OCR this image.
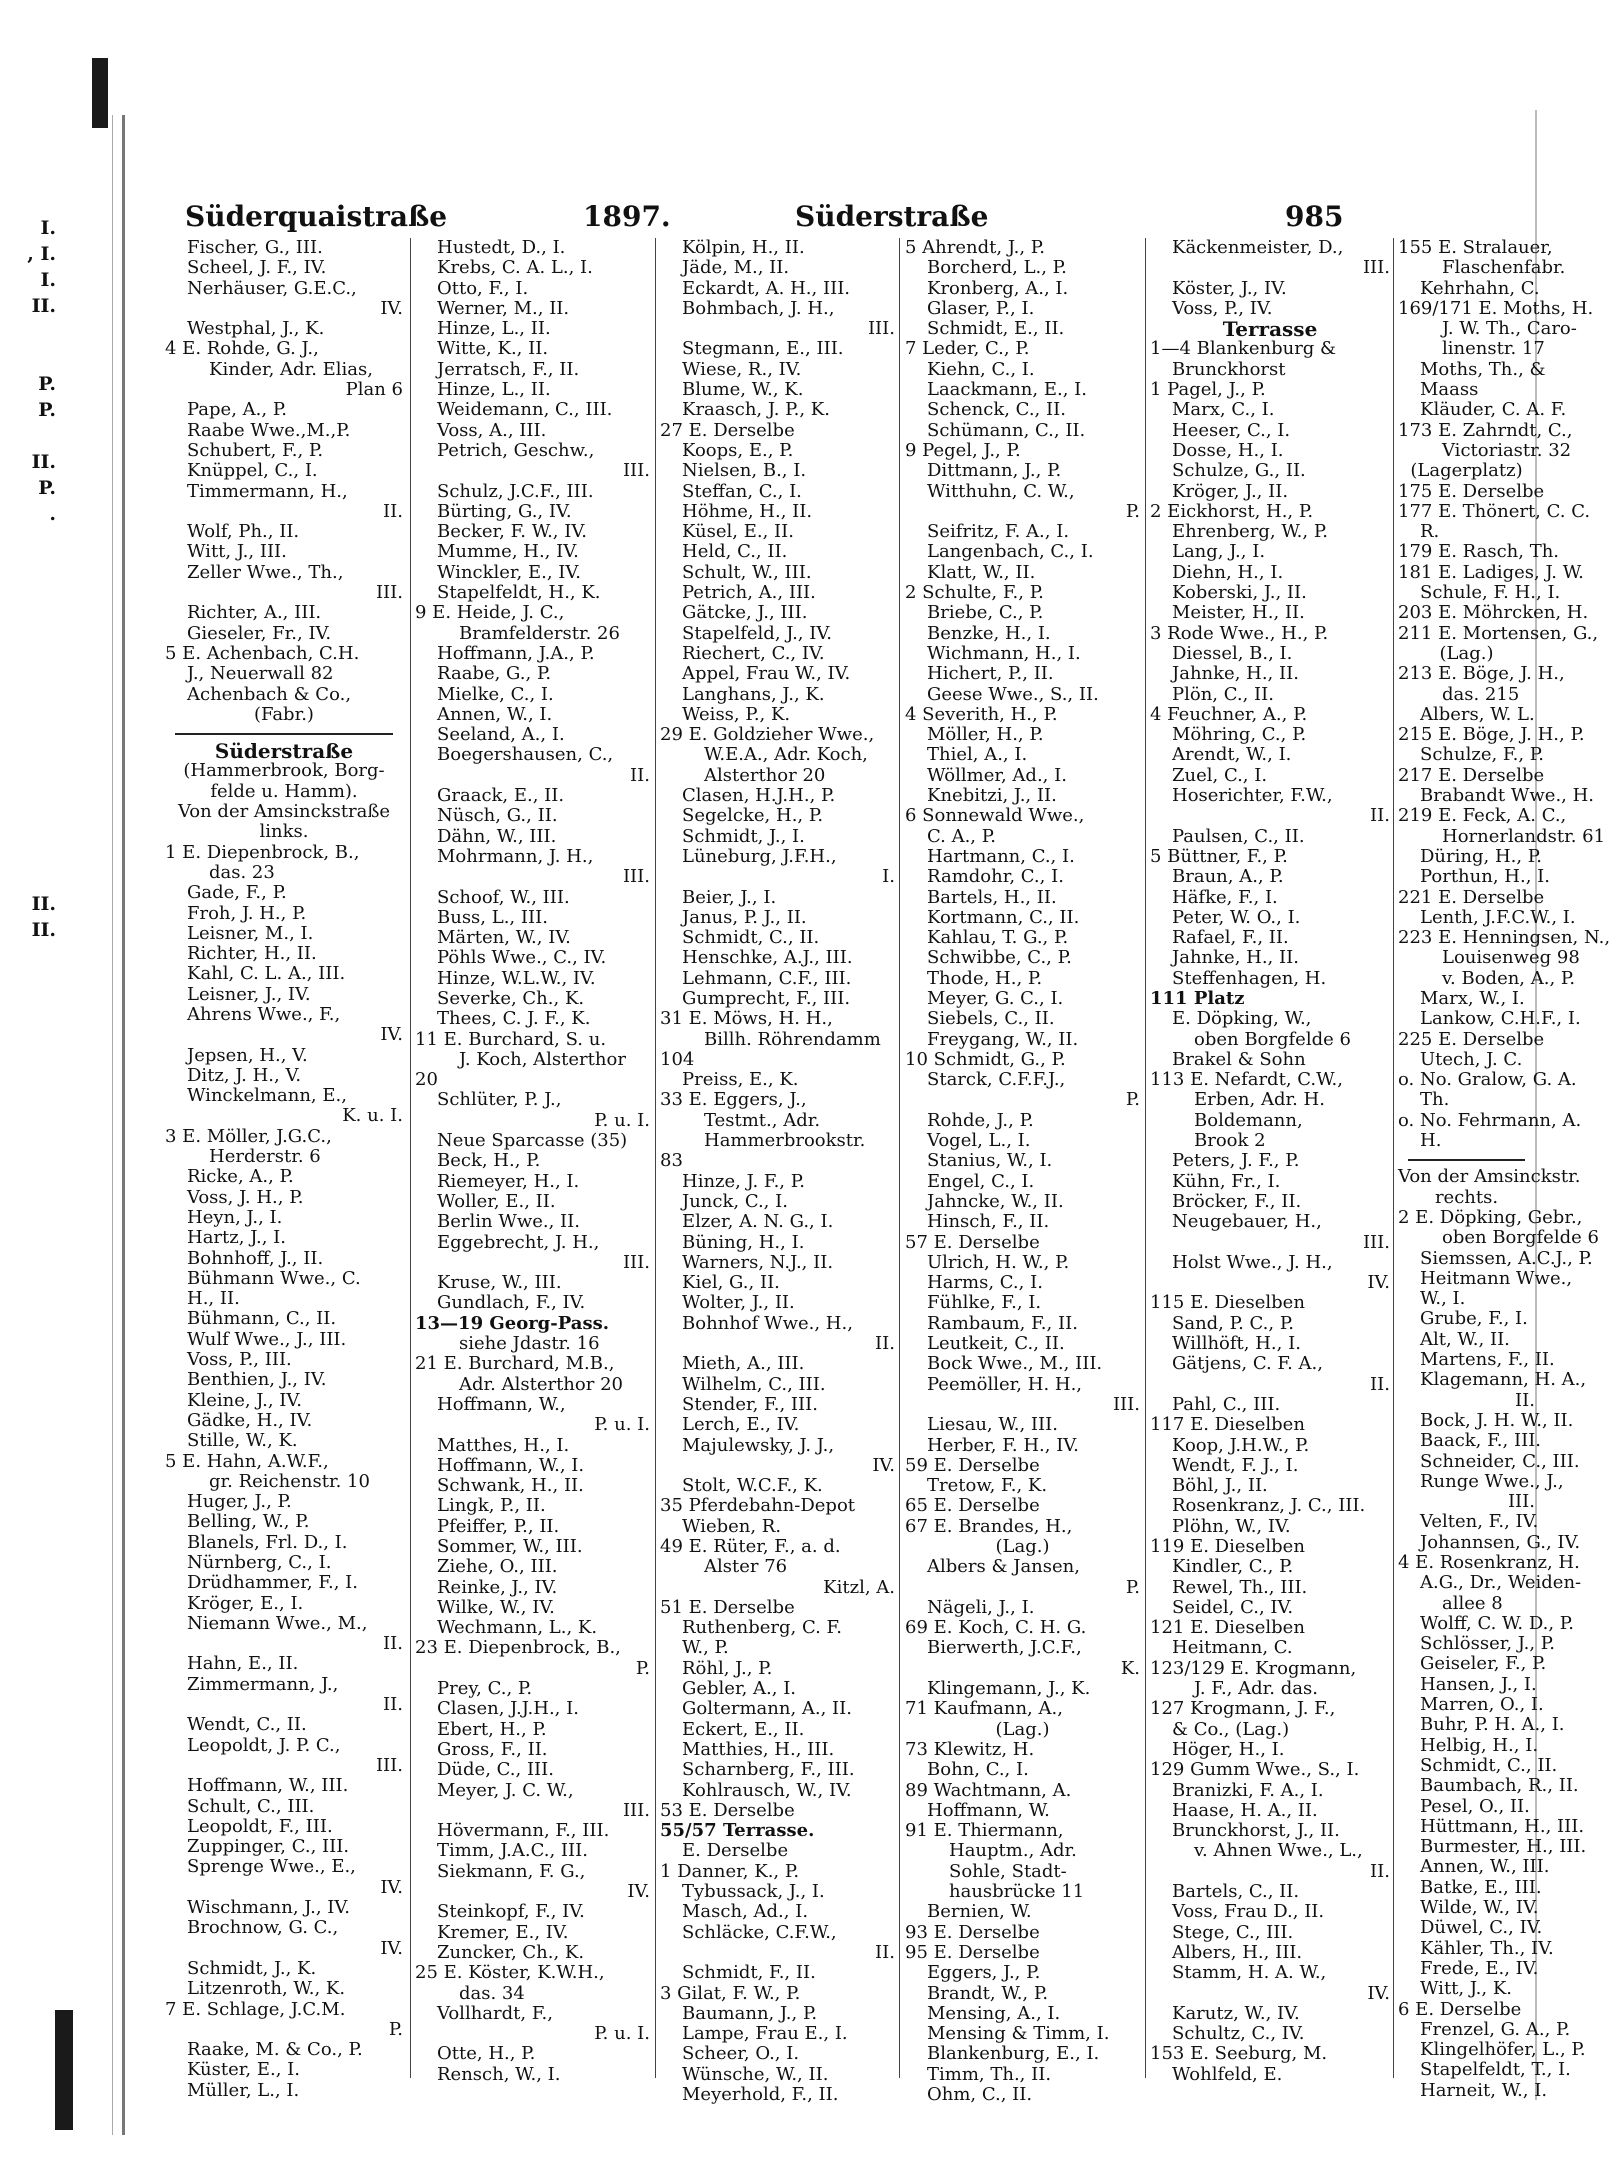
I.
, I.
I.
II.

P.
P.

II.
P.
.

II.
II.
Süderquaistraße	1897.	Süderstraße	985
Fischer, G., III.
Scheel, J. F., IV.
Nerhäuser, G.E.C.,
IV.
Westphal, J., K.
4 E. Rohde, G. J.,
Kinder, Adr. Elias,
Plan 6
Pape, A., P.
Raabe Wwe.,M.,P.
Schubert, F., P.
Knüppel, C., I.
Timmermann, H.,
II.
Wolf, Ph., II.
Witt, J., III.
Zeller Wwe., Th.,
III.
Richter, A., III.
Gieseler, Fr., IV.
5 E. Achenbach, C.H.
J., Neuerwall 82
Achenbach & Co.,
(Fabr.)
Süderstraße
(Hammerbrook, Borg-
felde u. Hamm).
Von der Amsinckstraße
links.
1 E. Diepenbrock, B.,
das. 23
Gade, F., P.
Froh, J. H., P.
Leisner, M., I.
Richter, H., II.
Kahl, C. L. A., III.
Leisner, J., IV.
Ahrens Wwe., F.,
IV.
Jepsen, H., V.
Ditz, J. H., V.
Winckelmann, E.,
K. u. I.
3 E. Möller, J.G.C.,
Herderstr. 6
Ricke, A., P.
Voss, J. H., P.
Heyn, J., I.
Hartz, J., I.
Bohnhoff, J., II.
Bühmann Wwe., C.
H., II.
Bühmann, C., II.
Wulf Wwe., J., III.
Voss, P., III.
Benthien, J., IV.
Kleine, J., IV.
Gädke, H., IV.
Stille, W., K.
5 E. Hahn, A.W.F.,
gr. Reichenstr. 10
Huger, J., P.
Belling, W., P.
Blanels, Frl. D., I.
Nürnberg, C., I.
Drüdhammer, F., I.
Kröger, E., I.
Niemann Wwe., M.,
II.
Hahn, E., II.
Zimmermann, J.,
II.
Wendt, C., II.
Leopoldt, J. P. C.,
III.
Hoffmann, W., III.
Schult, C., III.
Leopoldt, F., III.
Zuppinger, C., III.
Sprenge Wwe., E.,
IV.
Wischmann, J., IV.
Brochnow, G. C.,
IV.
Schmidt, J., K.
Litzenroth, W., K.
7 E. Schlage, J.C.M.
P.
Raake, M. & Co., P.
Küster, E., I.
Müller, L., I.
Hustedt, D., I.
Krebs, C. A. L., I.
Otto, F., I.
Werner, M., II.
Hinze, L., II.
Witte, K., II.
Jerratsch, F., II.
Hinze, L., II.
Weidemann, C., III.
Voss, A., III.
Petrich, Geschw.,
III.
Schulz, J.C.F., III.
Bürting, G., IV.
Becker, F. W., IV.
Mumme, H., IV.
Winckler, E., IV.
Stapelfeldt, H., K.
9 E. Heide, J. C.,
Bramfelderstr. 26
Hoffmann, J.A., P.
Raabe, G., P.
Mielke, C., I.
Annen, W., I.
Seeland, A., I.
Boegershausen, C.,
II.
Graack, E., II.
Nüsch, G., II.
Dähn, W., III.
Mohrmann, J. H.,
III.
Schoof, W., III.
Buss, L., III.
Märten, W., IV.
Pöhls Wwe., C., IV.
Hinze, W.L.W., IV.
Severke, Ch., K.
Thees, C. J. F., K.
11 E. Burchard, S. u.
J. Koch, Alsterthor
20
Schlüter, P. J.,
P. u. I.
Neue Sparcasse (35)
Beck, H., P.
Riemeyer, H., I.
Woller, E., II.
Berlin Wwe., II.
Eggebrecht, J. H.,
III.
Kruse, W., III.
Gundlach, F., IV.
13—19 Georg-Pass.
siehe Jdastr. 16
21 E. Burchard, M.B.,
Adr. Alsterthor 20
Hoffmann, W.,
P. u. I.
Matthes, H., I.
Hoffmann, W., I.
Schwank, H., II.
Lingk, P., II.
Pfeiffer, P., II.
Sommer, W., III.
Ziehe, O., III.
Reinke, J., IV.
Wilke, W., IV.
Wechmann, L., K.
23 E. Diepenbrock, B.,
P.
Prey, C., P.
Clasen, J.J.H., I.
Ebert, H., P.
Gross, F., II.
Düde, C., III.
Meyer, J. C. W.,
III.
Hövermann, F., III.
Timm, J.A.C., III.
Siekmann, F. G.,
IV.
Steinkopf, F., IV.
Kremer, E., IV.
Zuncker, Ch., K.
25 E. Köster, K.W.H.,
das. 34
Vollhardt, F.,
P. u. I.
Otte, H., P.
Rensch, W., I.
Kölpin, H., II.
Jäde, M., II.
Eckardt, A. H., III.
Bohmbach, J. H.,
III.
Stegmann, E., III.
Wiese, R., IV.
Blume, W., K.
Kraasch, J. P., K.
27 E. Derselbe
Koops, E., P.
Nielsen, B., I.
Steffan, C., I.
Höhme, H., II.
Küsel, E., II.
Held, C., II.
Schult, W., III.
Petrich, A., III.
Gätcke, J., III.
Stapelfeld, J., IV.
Riechert, C., IV.
Appel, Frau W., IV.
Langhans, J., K.
Weiss, P., K.
29 E. Goldzieher Wwe.,
W.E.A., Adr. Koch,
Alsterthor 20
Clasen, H.J.H., P.
Segelcke, H., P.
Schmidt, J., I.
Lüneburg, J.F.H.,
I.
Beier, J., I.
Janus, P. J., II.
Schmidt, C., II.
Henschke, A.J., III.
Lehmann, C.F., III.
Gumprecht, F., III.
31 E. Möws, H. H.,
Billh. Röhrendamm
104
Preiss, E., K.
33 E. Eggers, J.,
Testmt., Adr.
Hammerbrookstr.
83
Hinze, J. F., P.
Junck, C., I.
Elzer, A. N. G., I.
Büning, H., I.
Warners, N.J., II.
Kiel, G., II.
Wolter, J., II.
Bohnhof Wwe., H.,
II.
Mieth, A., III.
Wilhelm, C., III.
Stender, F., III.
Lerch, E., IV.
Majulewsky, J. J.,
IV.
Stolt, W.C.F., K.
35 Pferdebahn-Depot
Wieben, R.
49 E. Rüter, F., a. d.
Alster 76
Kitzl, A.
51 E. Derselbe
Ruthenberg, C. F.
W., P.
Röhl, J., P.
Gebler, A., I.
Goltermann, A., II.
Eckert, E., II.
Matthies, H., III.
Scharnberg, F., III.
Kohlrausch, W., IV.
53 E. Derselbe
55/57 Terrasse.
E. Derselbe
1 Danner, K., P.
Tybussack, J., I.
Masch, Ad., I.
Schläcke, C.F.W.,
II.
Schmidt, F., II.
3 Gilat, F. W., P.
Baumann, J., P.
Lampe, Frau E., I.
Scheer, O., I.
Wünsche, W., II.
Meyerhold, F., II.
5 Ahrendt, J., P.
Borcherd, L., P.
Kronberg, A., I.
Glaser, P., I.
Schmidt, E., II.
7 Leder, C., P.
Kiehn, C., I.
Laackmann, E., I.
Schenck, C., II.
Schümann, C., II.
9 Pegel, J., P.
Dittmann, J., P.
Witthuhn, C. W.,
P.
Seifritz, F. A., I.
Langenbach, C., I.
Klatt, W., II.
2 Schulte, F., P.
Briebe, C., P.
Benzke, H., I.
Wichmann, H., I.
Hichert, P., II.
Geese Wwe., S., II.
4 Severith, H., P.
Möller, H., P.
Thiel, A., I.
Wöllmer, Ad., I.
Knebitzi, J., II.
6 Sonnewald Wwe.,
C. A., P.
Hartmann, C., I.
Ramdohr, C., I.
Bartels, H., II.
Kortmann, C., II.
Kahlau, T. G., P.
Schwibbe, C., P.
Thode, H., P.
Meyer, G. C., I.
Siebels, C., II.
Freygang, W., II.
10 Schmidt, G., P.
Starck, C.F.F.J.,
P.
Rohde, J., P.
Vogel, L., I.
Stanius, W., I.
Engel, C., I.
Jahncke, W., II.
Hinsch, F., II.
57 E. Derselbe
Ulrich, H. W., P.
Harms, C., I.
Fühlke, F., I.
Rambaum, F., II.
Leutkeit, C., II.
Bock Wwe., M., III.
Peemöller, H. H.,
III.
Liesau, W., III.
Herber, F. H., IV.
59 E. Derselbe
Tretow, F., K.
65 E. Derselbe
67 E. Brandes, H.,
(Lag.)
Albers & Jansen,
P.
Nägeli, J., I.
69 E. Koch, C. H. G.
Bierwerth, J.C.F.,
K.
Klingemann, J., K.
71 Kaufmann, A.,
(Lag.)
73 Klewitz, H.
Bohn, C., I.
89 Wachtmann, A.
Hoffmann, W.
91 E. Thiermann,
Hauptm., Adr.
Sohle, Stadt-
hausbrücke 11
Bernien, W.
93 E. Derselbe
95 E. Derselbe
Eggers, J., P.
Brandt, W., P.
Mensing, A., I.
Mensing & Timm, I.
Blankenburg, E., I.
Timm, Th., II.
Ohm, C., II.
Käckenmeister, D.,
III.
Köster, J., IV.
Voss, P., IV.
Terrasse
1—4 Blankenburg &
Brunckhorst
1 Pagel, J., P.
Marx, C., I.
Heeser, C., I.
Dosse, H., I.
Schulze, G., II.
Kröger, J., II.
2 Eickhorst, H., P.
Ehrenberg, W., P.
Lang, J., I.
Diehn, H., I.
Koberski, J., II.
Meister, H., II.
3 Rode Wwe., H., P.
Diessel, B., I.
Jahnke, H., II.
Plön, C., II.
4 Feuchner, A., P.
Möhring, C., P.
Arendt, W., I.
Zuel, C., I.
Hoserichter, F.W.,
II.
Paulsen, C., II.
5 Büttner, F., P.
Braun, A., P.
Häfke, F., I.
Peter, W. O., I.
Rafael, F., II.
Jahnke, H., II.
Steffenhagen, H.
111 Platz
E. Döpking, W.,
oben Borgfelde 6
Brakel & Sohn
113 E. Nefardt, C.W.,
Erben, Adr. H.
Boldemann,
Brook 2
Peters, J. F., P.
Kühn, Fr., I.
Bröcker, F., II.
Neugebauer, H.,
III.
Holst Wwe., J. H.,
IV.
115 E. Dieselben
Sand, P. C., P.
Willhöft, H., I.
Gätjens, C. F. A.,
II.
Pahl, C., III.
117 E. Dieselben
Koop, J.H.W., P.
Wendt, F. J., I.
Böhl, J., II.
Rosenkranz, J. C., III.
Plöhn, W., IV.
119 E. Dieselben
Kindler, C., P.
Rewel, Th., III.
Seidel, C., IV.
121 E. Dieselben
Heitmann, C.
123/129 E. Krogmann,
J. F., Adr. das.
127 Krogmann, J. F.,
& Co., (Lag.)
Höger, H., I.
129 Gumm Wwe., S., I.
Branizki, F. A., I.
Haase, H. A., II.
Brunckhorst, J., II.
v. Ahnen Wwe., L.,
II.
Bartels, C., II.
Voss, Frau D., II.
Stege, C., III.
Albers, H., III.
Stamm, H. A. W.,
IV.
Karutz, W., IV.
Schultz, C., IV.
153 E. Seeburg, M.
Wohlfeld, E.
155 E. Stralauer,
Flaschenfabr.
Kehrhahn, C.
169/171 E. Moths, H.
J. W. Th., Caro-
linenstr. 17
Moths, Th., &
Maass
Kläuder, C. A. F.
173 E. Zahrndt, C.,
Victoriastr. 32
(Lagerplatz)
175 E. Derselbe
177 E. Thönert, C. C.
R.
179 E. Rasch, Th.
181 E. Ladiges, J. W.
Schule, F. H., I.
203 E. Möhrcken, H.
211 E. Mortensen, G.,
(Lag.)
213 E. Böge, J. H.,
das. 215
Albers, W. L.
215 E. Böge, J. H., P.
Schulze, F., P.
217 E. Derselbe
Brabandt Wwe., H.
219 E. Feck, A. C.,
Hornerlandstr. 61
Düring, H., P.
Porthun, H., I.
221 E. Derselbe
Lenth, J.F.C.W., I.
223 E. Henningsen, N.,
Louisenweg 98
v. Boden, A., P.
Marx, W., I.
Lankow, C.H.F., I.
225 E. Derselbe
Utech, J. C.
o. No. Gralow, G. A.
Th.
o. No. Fehrmann, A.
H.
Von der Amsinckstr.
rechts.
2 E. Döpking, Gebr.,
oben Borgfelde 6
Siemssen, A.C.J., P.
Heitmann Wwe.,
W., I.
Grube, F., I.
Alt, W., II.
Martens, F., II.
Klagemann, H. A.,
II.
Bock, J. H. W., II.
Baack, F., III.
Schneider, C., III.
Runge Wwe., J.,
III.
Velten, F., IV.
Johannsen, G., IV.
4 E. Rosenkranz, H.
A.G., Dr., Weiden-
allee 8
Wolff, C. W. D., P.
Schlösser, J., P.
Geiseler, F., P.
Hansen, J., I.
Marren, O., I.
Buhr, P. H. A., I.
Helbig, H., I.
Schmidt, C., II.
Baumbach, R., II.
Pesel, O., II.
Hüttmann, H., III.
Burmester, H., III.
Annen, W., III.
Batke, E., III.
Wilde, W., IV.
Düwel, C., IV.
Kähler, Th., IV.
Frede, E., IV.
Witt, J., K.
6 E. Derselbe
Frenzel, G. A., P.
Klingelhöfer, L., P.
Stapelfeldt, T., I.
Harneit, W., I.
